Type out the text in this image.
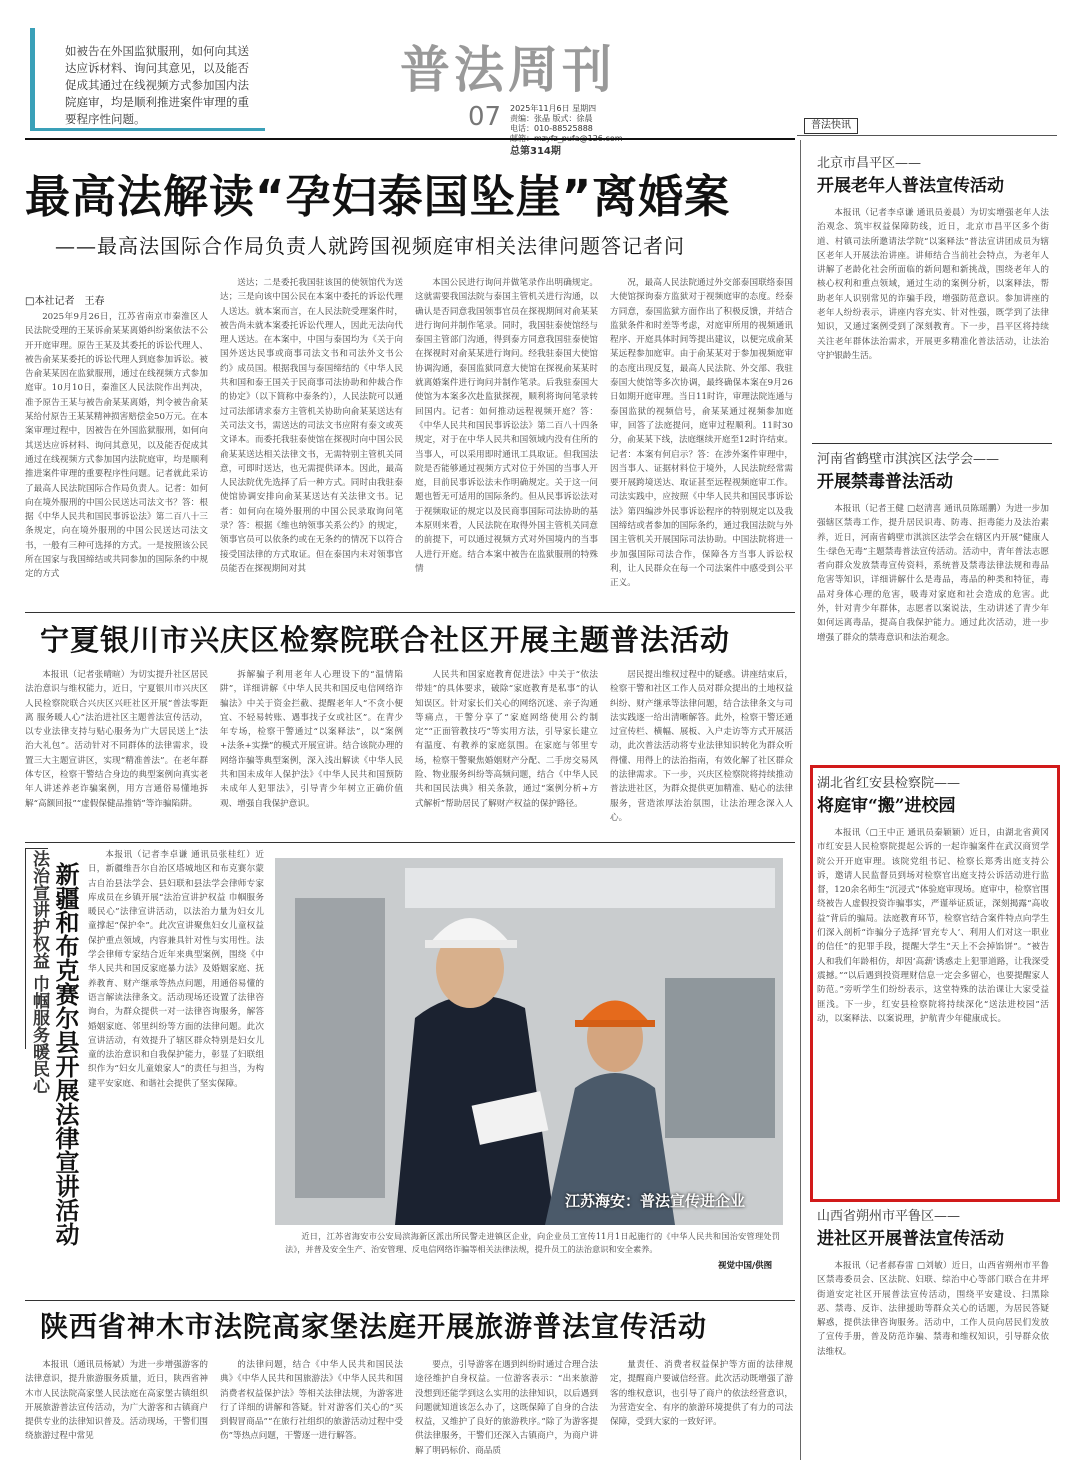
如被告在外国监狱服刑，如何向其送达应诉材料、询问其意见，以及能否促成其通过在线视频方式参加国内法院庭审，均是顺利推进案件审理的重要程序性问题。
普法周刊
07 2025年11月6日 星期四
责编：张晶 版式：徐晨
电话：010-88525888
总第314期
普法快讯
最高法解读“孕妇泰国坠崖”离婚案
——最高法国际合作局负责人就跨国视频庭审相关法律问题答记者问
□本社记者　王春

2025年9月26日，江苏省南京市秦淮区人民法院受理的王某诉俞某某离婚纠纷案依法不公开开庭审理。原告王某及其委托的诉讼代理人、被告俞某某委托的诉讼代理人到庭参加诉讼。被告俞某某因在监狱服刑，通过在线视频方式参加庭审。10月10日，秦淮区人民法院作出判决，准予原告王某与被告俞某某离婚，判令被告俞某某给付原告王某某精神损害赔偿金50万元。在本案审理过程中，因被告在外国监狱服刑，如何向其送达应诉材料、询问其意见，以及能否促成其通过在线视频方式参加国内法院庭审，均是顺利推进案件审理的重要程序性问题。记者就此采访了最高人民法院国际合作局负责人。记者：如何向在境外服刑的中国公民送达司法文书？答：根据《中华人民共和国民事诉讼法》第二百八十三条规定，向在境外服刑的中国公民送达司法文书，一般有三种可选择的方式。一是按照该公民所在国家与我国缔结或共同参加的国际条约中规定的方式

送达；二是委托我国驻该国的使领馆代为送达；三是向该中国公民在本案中委托的诉讼代理人送达。就本案而言，在人民法院受理案件时，被告尚未就本案委托诉讼代理人，因此无法向代理人送达。在本案中，中国与泰国均为《关于向国外送达民事或商事司法文书和司法外文书公约》成员国。根据我国与泰国缔结的《中华人民共和国和泰王国关于民商事司法协助和仲裁合作的协定》（以下简称中泰条约），人民法院可以通过司法部请求泰方主管机关协助向俞某某送达有关司法文书，需送达的司法文书应附有泰文或英文译本。而委托我驻泰使馆在探视时向中国公民俞某某送达相关法律文书，无需特别主管机关同意，可即时送达，也无需提供译本。因此，最高人民法院优先选择了后一种方式。同时由我驻泰使馆协调安排向俞某某送达有关法律文书。记者：如何向在境外服刑的中国公民录取询问笔录？答：根据《维也纳领事关系公约》的规定，领事官员可以依条约或在无条约的情况下以符合接受国法律的方式取证。但在泰国内未对领事官员能否在探视期间对其

本国公民进行询问并做笔录作出明确规定。这就需要我国法院与泰国主管机关进行沟通，以确认是否同意我国领事官员在探视期间对俞某某进行询问并制作笔录。同时，我国驻泰使馆经与泰国主管部门沟通，得到泰方同意我国驻泰使馆在探视时对俞某某进行询问。经我驻泰国大使馆协调沟通，泰国监狱同意大使馆在探视俞某某时就离婚案件进行询问并制作笔录。后我驻泰国大使馆为本案多次赴监狱探视，顺利将询问笔录转回国内。记者：如何推动远程视频开庭？答：《中华人民共和国民事诉讼法》第二百八十四条规定，对于在中华人民共和国领域内没有住所的当事人，可以采用即时通讯工具取证。但我国法院是否能够通过视频方式对位于外国的当事人开庭，目前民事诉讼法未作明确规定。关于这一问题也暂无可适用的国际条约。但从民事诉讼法对于视频取证的规定以及民商事国际司法协助的基本原则来看，人民法院在取得外国主管机关同意的前提下，可以通过视频方式对外国境内的当事人进行开庭。结合本案中被告在监狱服刑的特殊情

况，最高人民法院通过外交部泰国联络泰国大使馆探询泰方监狱对于视频庭审的态度。经泰方同意，泰国监狱方面作出了积极反馈，并结合监狱条件和时差等考虑，对庭审所用的视频通讯程序、开庭具体时间等提出建议，以便完成俞某某远程参加庭审。由于俞某某对于参加视频庭审的态度出现反复，最高人民法院、外交部、我驻泰国大使馆等多次协调，最终确保本案在9月26日如期开庭审理。当日11时许，审理法院连通与泰国监狱的视频信号，俞某某通过视频参加庭审，回答了法庭提问，庭审过程顺利。11时30分，俞某某下线，法庭继续开庭至12时许结束。记者：本案有何启示？答：在涉外案件审理中，因当事人、证据材料位于境外，人民法院经常需要开展跨境送达、取证甚至远程视频庭审工作。司法实践中，应按照《中华人民共和国民事诉讼法》第四编涉外民事诉讼程序的特别规定以及我国缔结或者参加的国际条约，通过我国法院与外国主管机关开展国际司法协助。中国法院将进一步加强国际司法合作，保障各方当事人诉讼权利，让人民群众在每一个司法案件中感受到公平正义。

宁夏银川市兴庆区检察院联合社区开展主题普法活动

本报讯（记者张晴暄）为切实提升社区居民法治意识与维权能力，近日，宁夏银川市兴庆区人民检察院联合兴庆区兴旺社区开展“普法零距离 服务暖人心”法治进社区主题普法宣传活动，以专业法律支持与贴心服务为广大居民送上“法治大礼包”。活动针对不同群体的法律需求，设置三大主题宣讲区，实现“精准普法”。在老年群体专区，检察干警结合身边的典型案例向真实老年人讲述养老诈骗案例，用方言通俗易懂地拆解“高额回报”“虚假保健品推销”等诈骗陷阱。

拆解骗子利用老年人心理设下的“温情陷阱”，详细讲解《中华人民共和国反电信网络诈骗法》中关于资金拦截、提醒老年人“不贪小便宜、不轻易转账、遇事找子女或社区”。在青少年专场，检察干警通过“以案释法”，以“案例+法条+实操”的模式开展宣讲。结合该院办理的网络诈骗等典型案例，深入浅出解读《中华人民共和国未成年人保护法》《中华人民共和国预防未成年人犯罪法》，引导青少年树立正确价值观、增强自我保护意识。

人民共和国家庭教育促进法》中关于“依法带娃”的具体要求，破除“家庭教育是私事”的认知误区。针对家长们关心的网络沉迷、亲子沟通等痛点，干警分享了“家庭网络使用公约制定”“正面管教技巧”等实用方法，引导家长建立有温度、有教养的家庭氛围。在家庭与邻里专场，检察干警聚焦婚姻财产分配、二手房交易风险、物业服务纠纷等高频问题，结合《中华人民共和国民法典》相关条款，通过“案例分析+方式解析”帮助居民了解财产权益的保护路径。

居民提出维权过程中的疑惑。讲座结束后，检察干警和社区工作人员对群众提出的土地权益纠纷、财产继承等法律问题，结合法律条文与司法实践逐一给出清晰解答。此外，检察干警还通过宣传栏、横幅、展板、入户走访等方式开展活动，此次普法活动将专业法律知识转化为群众听得懂、用得上的法治指南，有效化解了社区群众的法律需求。下一步，兴庆区检察院将持续推动普法进社区，为群众提供更加精准、贴心的法律服务，营造浓厚法治氛围，让法治理念深入人心。

法治宣讲护权益 巾帼服务暖民心 新疆和布克赛尔县开展法律宣讲活动

本报讯（记者李卓谦 通讯员张桂红）近日，新疆维吾尔自治区塔城地区和布克赛尔蒙古自治县法学会、县妇联和县法学会律师专家库成员在乡镇开展“法治宣讲护权益 巾帼服务暖民心”法律宣讲活动，以法治力量为妇女儿童撑起“保护伞”。此次宣讲聚焦妇女儿童权益保护重点领域，内容兼具针对性与实用性。法学会律师专家结合近年来典型案例，围绕《中华人民共和国反家庭暴力法》及婚姻家庭、抚养教育、财产继承等热点问题，用通俗易懂的语言解读法律条文。活动现场还设置了法律咨询台，为群众提供一对一法律咨询服务，解答婚姻家庭、邻里纠纷等方面的法律问题。此次宣讲活动，有效提升了辖区群众特别是妇女儿童的法治意识和自我保护能力，彰显了妇联组织作为“妇女儿童娘家人”的责任与担当，为构建平安家庭、和谐社会提供了坚实保障。

江苏海安：普法宣传进企业

近日，江苏省海安市公安局滨海新区派出所民警走进镇区企业，向企业员工宣传11月1日起施行的《中华人民共和国治安管理处罚法》，并普及安全生产、治安管理、反电信网络诈骗等相关法律法规，提升员工的法治意识和安全素养。

视觉中国/供图
陕西省神木市法院高家堡法庭开展旅游普法宣传活动

本报讯（通讯员杨斌）为进一步增强游客的法律意识，提升旅游服务质量，近日，陕西省神木市人民法院高家堡人民法庭在高家堡古镇组织开展旅游普法宣传活动，为广大游客和古镇商户提供专业的法律知识普及。活动现场，干警们围绕旅游过程中常见

的法律问题，结合《中华人民共和国民法典》《中华人民共和国旅游法》《中华人民共和国消费者权益保护法》等相关法律法规，为游客进行了详细的讲解和答疑。针对游客们关心的“买到假冒商品”“在旅行社组织的旅游活动过程中受伤”等热点问题，干警逐一进行解答。

要点，引导游客在遇到纠纷时通过合理合法途径维护自身权益。一位游客表示：“出来旅游没想到还能学到这么实用的法律知识，以后遇到问题就知道该怎么办了，这既保障了自身的合法权益，又维护了良好的旅游秩序。”除了为游客提供法律服务，干警们还深入古镇商户，为商户讲解了明码标价、商品质

量责任、消费者权益保护等方面的法律规定，提醒商户要诚信经营。此次活动既增强了游客的维权意识，也引导了商户的依法经营意识，为营造安全、有序的旅游环境提供了有力的司法保障，受到大家的一致好评。

北京市昌平区——
开展老年人普法宣传活动

本报讯（记者李卓谦 通讯员姜晨）为切实增强老年人法治观念、筑牢权益保障防线，近日，北京市昌平区多个街道、村镇司法所邀请法学院“以案释法”普法宣讲团成员为辖区老年人开展法治讲座。讲师结合当前社会特点，为老年人讲解了老龄化社会所面临的新问题和新挑战，围绕老年人的核心权利和重点领域，通过生动的案例分析，以案释法，帮助老年人识别常见的诈骗手段，增强防范意识。参加讲座的老年人纷纷表示，讲座内容充实、针对性强，既学到了法律知识，又通过案例受到了深刻教育。下一步，昌平区将持续关注老年群体法治需求，开展更多精准化普法活动，让法治守护银龄生活。

河南省鹤壁市淇滨区法学会——
开展禁毒普法活动

本报讯（记者王健 □赵清喜 通讯员陈瑶鹏）为进一步加强辖区禁毒工作，提升居民识毒、防毒、拒毒能力及法治素养，近日，河南省鹤壁市淇滨区法学会在辖区内开展“健康人生·绿色无毒”主题禁毒普法宣传活动。活动中，青年普法志愿者向群众发放禁毒宣传资料，系统普及禁毒法律法规和毒品危害等知识，详细讲解什么是毒品，毒品的种类和特征，毒品对身体心理的危害，吸毒对家庭和社会造成的危害。此外，针对青少年群体，志愿者以案说法，生动讲述了青少年如何远离毒品，提高自我保护能力。通过此次活动，进一步增强了群众的禁毒意识和法治观念。

湖北省红安县检察院——
将庭审“搬”进校园

本报讯（□王中正 通讯员秦颖颖）近日，由湖北省黄冈市红安县人民检察院提起公诉的一起诈骗案件在武汉商贸学院公开开庭审理。该院党组书记、检察长郑秀出庭支持公诉，邀请人民监督员到场对检察官出庭支持公诉活动进行监督，120余名师生“沉浸式”体验庭审现场。庭审中，检察官围绕被告人虚假投资诈骗事实，严谨举证质证，深刻揭露“高收益”背后的骗局。法庭教育环节，检察官结合案件特点向学生们深入剖析“诈骗分子选择‘冒充专人’、利用人们对这一职业的信任”的犯罪手段，提醒大学生“天上不会掉馅饼”。“被告人和我们年龄相仿，却因‘高薪’诱惑走上犯罪道路，让我深受震撼。”“以后遇到投资理财信息一定会多留心，也要提醒家人防范。”旁听学生们纷纷表示，这堂特殊的法治课让大家受益匪浅。下一步，红安县检察院将持续深化“送法进校园”活动，以案释法、以案说理，护航青少年健康成长。

山西省朔州市平鲁区——
进社区开展普法宣传活动

本报讯（记者郝春雷 □刘敏）近日，山西省朔州市平鲁区禁毒委员会、区法院、妇联、综治中心等部门联合在井坪街道安定社区开展普法宣传活动，围绕平安建设、扫黑除恶、禁毒、反诈、法律援助等群众关心的话题，为居民答疑解惑，提供法律咨询服务。活动中，工作人员向居民们发放了宣传手册，普及防范诈骗、禁毒和维权知识，引导群众依法维权。
